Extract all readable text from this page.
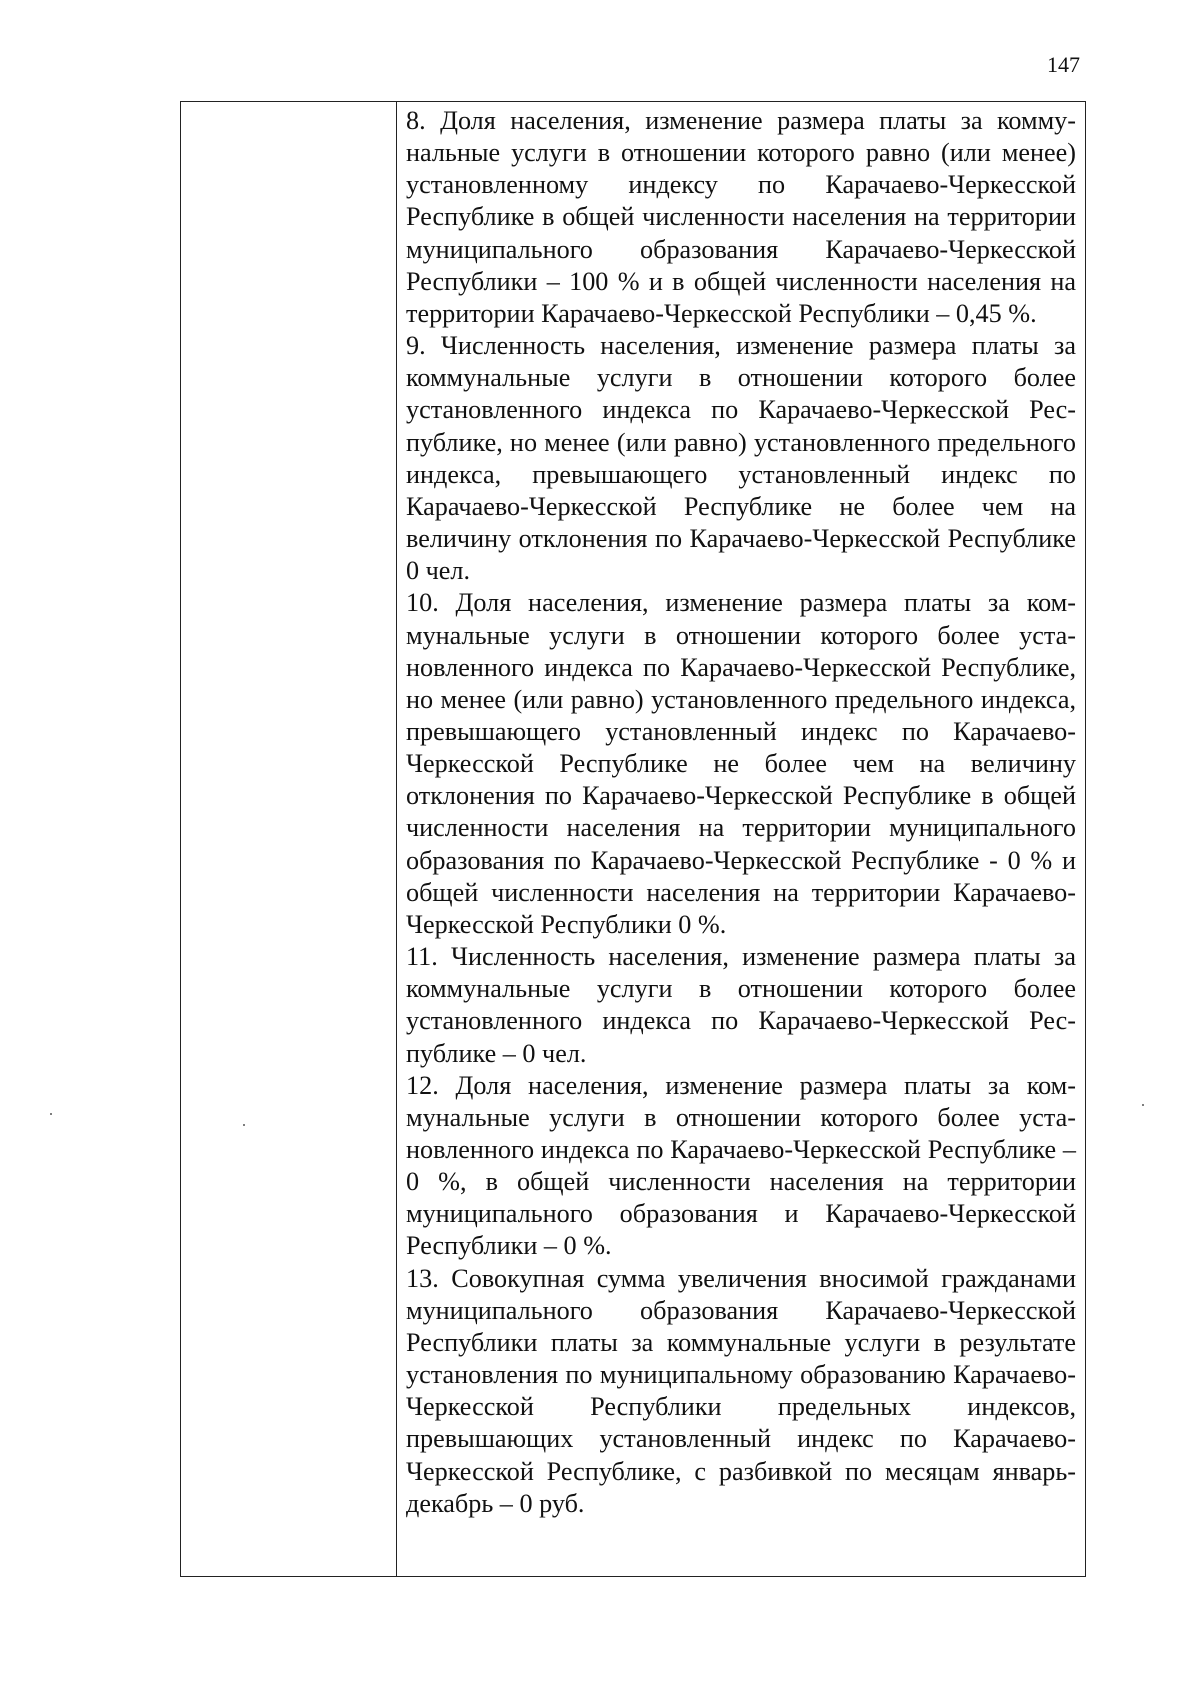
147

8. Доля населения, изменение размера платы за коммунальные услуги в отношении которого равно (или менее) установленному индексу по Карачаево-Черкесской Республике в общей численности населения на территории муниципального образования Карачаево-Черкесской Республики – 100 % и в общей численности населения на территории Карачаево-Черкесской Республики – 0,45 %.

9. Численность населения, изменение размера платы за коммунальные услуги в отношении которого более установленного индекса по Карачаево-Черкесской Республике, но менее (или равно) установленного предельного индекса, превышающего установленный индекс по Карачаево-Черкесской Республике не более чем на величину отклонения по Карачаево-Черкесской Республике 0 чел.

10. Доля населения, изменение размера платы за коммунальные услуги в отношении которого более установленного индекса по Карачаево-Черкесской Республике, но менее (или равно) установленного предельного индекса, превышающего установленный индекс по Карачаево-Черкесской Республике не более чем на величину отклонения по Карачаево-Черкесской Республике в общей численности населения на территории муниципального образования по Карачаево-Черкесской Республике - 0 % и общей численности населения на территории Карачаево-Черкесской Республики 0 %.

11. Численность населения, изменение размера платы за коммунальные услуги в отношении которого более установленного индекса по Карачаево-Черкесской Республике – 0 чел.

12. Доля населения, изменение размера платы за коммунальные услуги в отношении которого более установленного индекса по Карачаево-Черкесской Республике – 0 %, в общей численности населения на территории муниципального образования и Карачаево-Черкесской Республики – 0 %.

13. Совокупная сумма увеличения вносимой гражданами муниципального образования Карачаево-Черкесской Республики платы за коммунальные услуги в результате установления по муниципальному образованию Карачаево-Черкесской Республики предельных индексов, превышающих установленный индекс по Карачаево-Черкесской Республике, с разбивкой по месяцам январь-декабрь – 0 руб.
